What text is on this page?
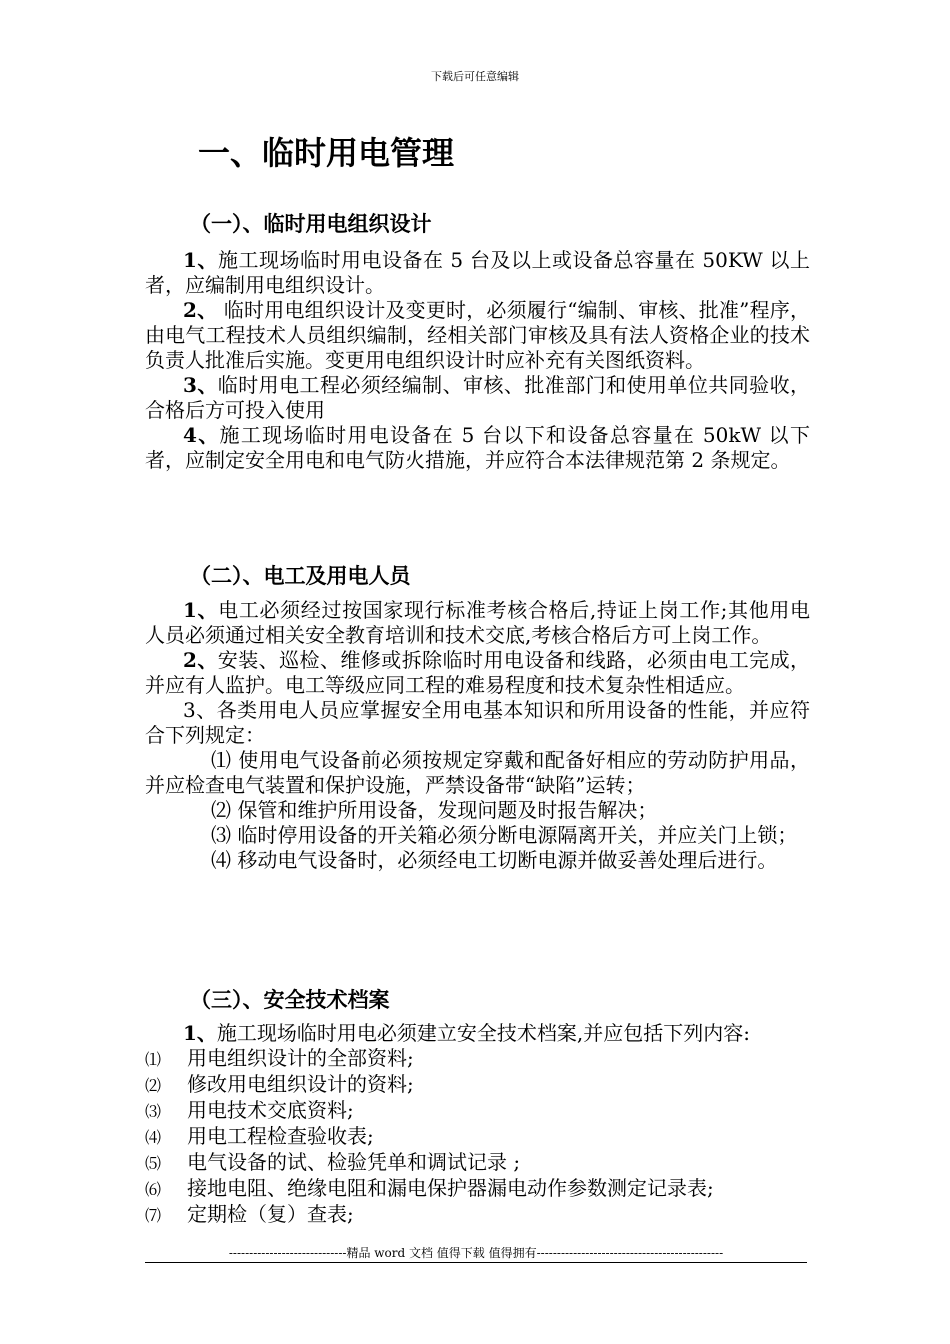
下载后可任意编辑
一、临时用电管理
（一）、临时用电组织设计

1、施工现场临时用电设备在 5 台及以上或设备总容量在 50KW 以上者，应编制用电组织设计。

2、 临时用电组织设计及变更时，必须履行“编制、审核、批准”程序，由电气工程技术人员组织编制，经相关部门审核及具有法人资格企业的技术负责人批准后实施。变更用电组织设计时应补充有关图纸资料。

3、临时用电工程必须经编制、审核、批准部门和使用单位共同验收，合格后方可投入使用

4、施工现场临时用电设备在 5 台以下和设备总容量在 50kW 以下者，应制定安全用电和电气防火措施，并应符合本法律规范第 2 条规定。

（二）、电工及用电人员

1、电工必须经过按国家现行标准考核合格后,持证上岗工作;其他用电人员必须通过相关安全教育培训和技术交底,考核合格后方可上岗工作。

2、安装、巡检、维修或拆除临时用电设备和线路，必须由电工完成，并应有人监护。电工等级应同工程的难易程度和技术复杂性相适应。

3、各类用电人员应掌握安全用电基本知识和所用设备的性能，并应符合下列规定：

⑴ 使用电气设备前必须按规定穿戴和配备好相应的劳动防护用品，并应检查电气装置和保护设施，严禁设备带“缺陷”运转；

⑵ 保管和维护所用设备，发现问题及时报告解决；

⑶ 临时停用设备的开关箱必须分断电源隔离开关，并应关门上锁；

⑷ 移动电气设备时，必须经电工切断电源并做妥善处理后进行。

（三）、安全技术档案

1、施工现场临时用电必须建立安全技术档案,并应包括下列内容:

⑴ 用电组织设计的全部资料;

⑵ 修改用电组织设计的资料;

⑶ 用电技术交底资料;

⑷ 用电工程检查验收表;

⑸ 电气设备的试、检验凭单和调试记录 ;

⑹ 接地电阻、绝缘电阻和漏电保护器漏电动作参数测定记录表;

⑺ 定期检（复）查表;

-----------------------------精品 word 文档 值得下载 值得拥有----------------------------------------------
